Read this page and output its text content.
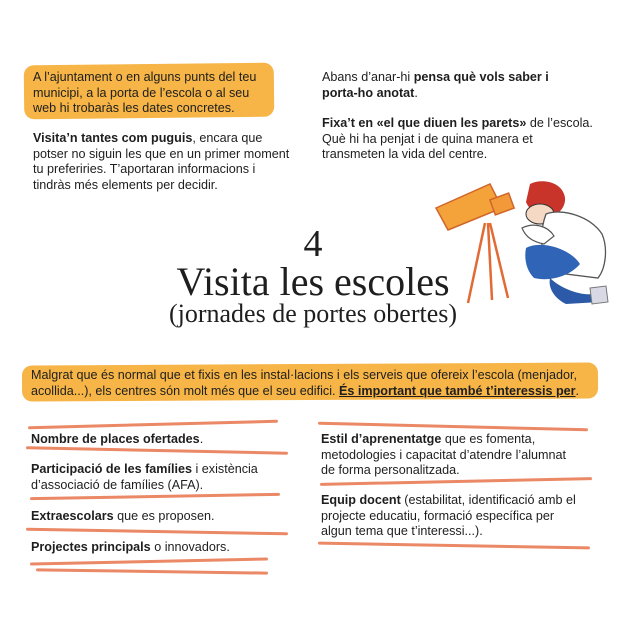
A l’ajuntament o en alguns punts del teu municipi, a la porta de l’escola o al seu web hi trobaràs les dates concretes.
Visita’n tantes com puguis, encara que potser no siguin les que en un primer moment tu preferiries. T’aportaran informacions i tindràs més elements per decidir.
Abans d’anar-hi pensa què vols saber i porta-ho anotat.
Fixa’t en «el que diuen les parets» de l’escola. Què hi ha penjat i de quina manera et transmeten la vida del centre.
4
Visita les escoles
(jornades de portes obertes)
Malgrat que és normal que et fixis en les instal·lacions i els serveis que ofereix l’escola (menjador, acollida...), els centres són molt més que el seu edifici. És important que també t’interessis per.
Nombre de places ofertades.
Participació de les famílies i existència d’associació de famílies (AFA).
Extraescolars que es proposen.
Projectes principals o innovadors.
Estil d’aprenentatge que es fomenta, metodologies i capacitat d’atendre l’alumnat de forma personalitzada.
Equip docent (estabilitat, identificació amb el projecte educatiu, formació específica per algun tema que t’interessi...).
